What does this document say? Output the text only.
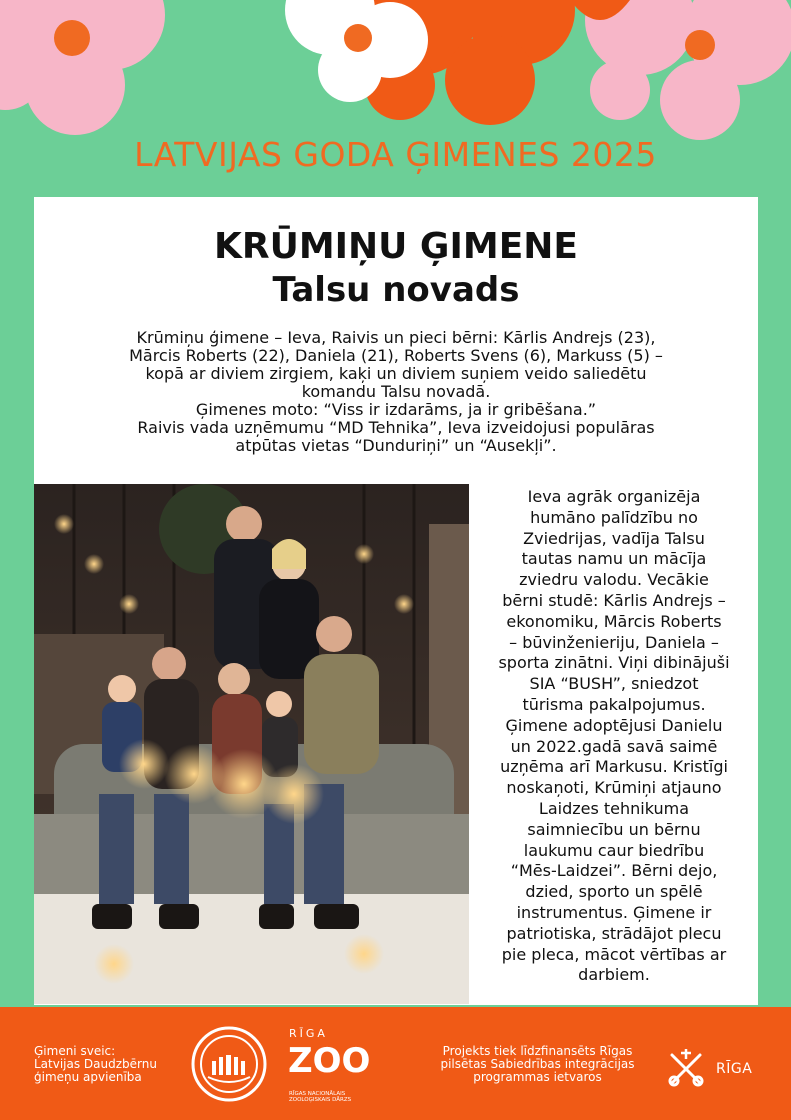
LATVIJAS GODA ĢIMENES 2025
KRŪMIŅU ĢIMENE
Talsu novads
Krūmiņu ģimene – Ieva, Raivis un pieci bērni: Kārlis Andrejs (23),
Mārcis Roberts (22), Daniela (21), Roberts Svens (6), Markuss (5) –
kopā ar diviem zirgiem, kaķi un diviem suņiem veido saliedētu
komandu Talsu novadā.
Ģimenes moto: “Viss ir izdarāms, ja ir gribēšana.”
Raivis vada uzņēmumu “MD Tehnika”, Ieva izveidojusi populāras
atpūtas vietas “Dunduriņi” un “Ausekļi”.
Ieva agrāk organizēja
humāno palīdzību no
Zviedrijas, vadīja Talsu
tautas namu un mācīja
zviedru valodu. Vecākie
bērni studē: Kārlis Andrejs –
ekonomiku, Mārcis Roberts
– būvinženieriju, Daniela –
sporta zinātni. Viņi dibinājuši
SIA “BUSH”, sniedzot
tūrisma pakalpojumus.
Ģimene adoptējusi Danielu
un 2022.gadā savā saimē
uzņēma arī Markusu. Kristīgi
noskaņoti, Krūmiņi atjauno
Laidzes tehnikuma
saimniecību un bērnu
laukumu caur biedrību
“Mēs-Laidzei”. Bērni dejo,
dzied, sporto un spēlē
instrumentus. Ģimene ir
patriotiska, strādājot plecu
pie pleca, mācot vērtības ar
darbiem.
Ģimeni sveic:
Latvijas Daudzbērnu
ģimeņu apvienība
RĪGA
ZOO
RĪGAS NACIONĀLAIS ZOOLOĢISKAIS DĀRZS
Projekts tiek līdzfinansēts Rīgas
pilsētas Sabiedrības integrācijas
programmas ietvaros	RĪGA
